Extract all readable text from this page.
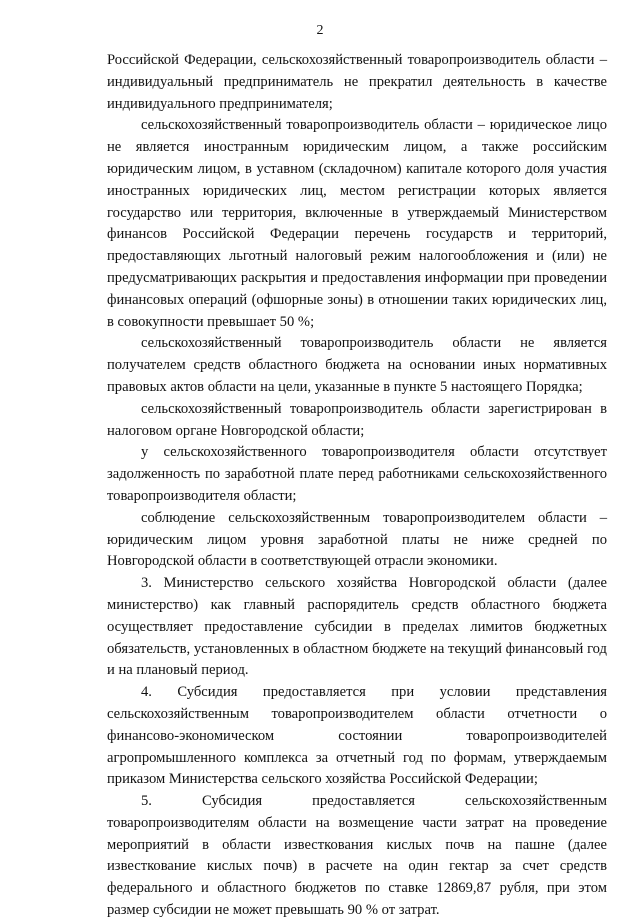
2

Российской Федерации, сельскохозяйственный товаропроизводитель области – индивидуальный предприниматель не прекратил деятельность в качестве индивидуального предпринимателя;

сельскохозяйственный товаропроизводитель области – юридическое лицо не является иностранным юридическим лицом, а также российским юридическим лицом, в уставном (складочном) капитале которого доля участия иностранных юридических лиц, местом регистрации которых является государство или территория, включенные в утверждаемый Министерством финансов Российской Федерации перечень государств и территорий, предоставляющих льготный налоговый режим налогообложения и (или) не предусматривающих раскрытия и предоставления информации при проведении финансовых операций (офшорные зоны) в отношении таких юридических лиц, в совокупности превышает 50 %;

сельскохозяйственный товаропроизводитель области не является получателем средств областного бюджета на основании иных нормативных правовых актов области на цели, указанные в пункте 5 настоящего Порядка;

сельскохозяйственный товаропроизводитель области зарегистрирован в налоговом органе Новгородской области;

у сельскохозяйственного товаропроизводителя области отсутствует задолженность по заработной плате перед работниками сельскохозяйственного товаропроизводителя области;

соблюдение сельскохозяйственным товаропроизводителем области – юридическим лицом уровня заработной платы не ниже средней по Новгородской области в соответствующей отрасли экономики.

3. Министерство сельского хозяйства Новгородской области (далее министерство) как главный распорядитель средств областного бюджета осуществляет предоставление субсидии в пределах лимитов бюджетных обязательств, установленных в областном бюджете на текущий финансовый год и на плановый период.

4. Субсидия предоставляется при условии представления сельскохозяйственным товаропроизводителем области отчетности о финансово-экономическом состоянии товаропроизводителей агропромышленного комплекса за отчетный год по формам, утверждаемым приказом Министерства сельского хозяйства Российской Федерации;

5. Субсидия предоставляется сельскохозяйственным товаропроизводителям области на возмещение части затрат на проведение мероприятий в области известкования кислых почв на пашне (далее известкование кислых почв) в расчете на один гектар за счет средств федерального и областного бюджетов по ставке 12869,87 рубля, при этом размер субсидии не может превышать 90 % от затрат.
